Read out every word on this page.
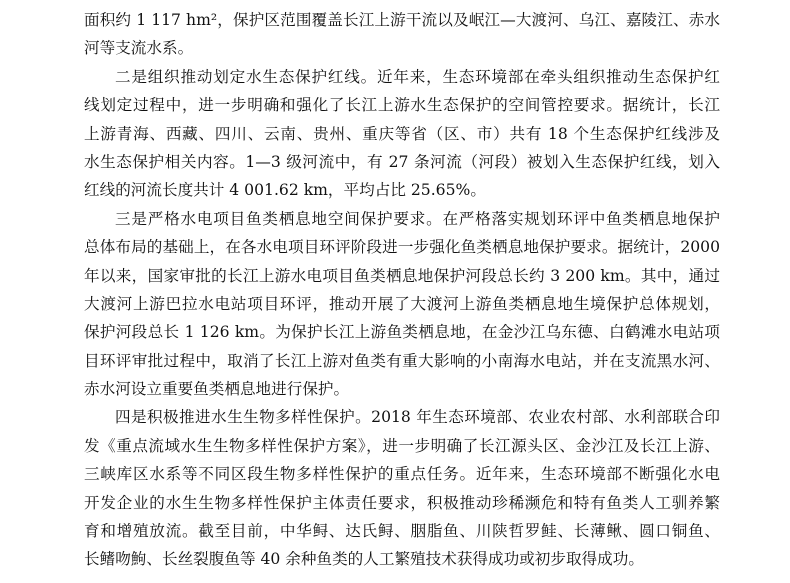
面积约 1 117 hm²，保护区范围覆盖长江上游干流以及岷江—大渡河、乌江、嘉陵江、赤水
河等支流水系。
二是组织推动划定水生态保护红线。近年来，生态环境部在牵头组织推动生态保护红
线划定过程中，进一步明确和强化了长江上游水生态保护的空间管控要求。据统计，长江
上游青海、西藏、四川、云南、贵州、重庆等省（区、市）共有 18 个生态保护红线涉及
水生态保护相关内容。1—3 级河流中，有 27 条河流（河段）被划入生态保护红线，划入
红线的河流长度共计 4 001.62 km，平均占比 25.65%。
三是严格水电项目鱼类栖息地空间保护要求。在严格落实规划环评中鱼类栖息地保护
总体布局的基础上，在各水电项目环评阶段进一步强化鱼类栖息地保护要求。据统计，2000
年以来，国家审批的长江上游水电项目鱼类栖息地保护河段总长约 3 200 km。其中，通过
大渡河上游巴拉水电站项目环评，推动开展了大渡河上游鱼类栖息地生境保护总体规划，
保护河段总长 1 126 km。为保护长江上游鱼类栖息地，在金沙江乌东德、白鹤滩水电站项
目环评审批过程中，取消了长江上游对鱼类有重大影响的小南海水电站，并在支流黑水河、
赤水河设立重要鱼类栖息地进行保护。
四是积极推进水生生物多样性保护。2018 年生态环境部、农业农村部、水利部联合印
发《重点流域水生生物多样性保护方案》，进一步明确了长江源头区、金沙江及长江上游、
三峡库区水系等不同区段生物多样性保护的重点任务。近年来，生态环境部不断强化水电
开发企业的水生生物多样性保护主体责任要求，积极推动珍稀濒危和特有鱼类人工驯养繁
育和增殖放流。截至目前，中华鲟、达氏鲟、胭脂鱼、川陕哲罗鲑、长薄鳅、圆口铜鱼、
长鳍吻鮈、长丝裂腹鱼等 40 余种鱼类的人工繁殖技术获得成功或初步取得成功。
